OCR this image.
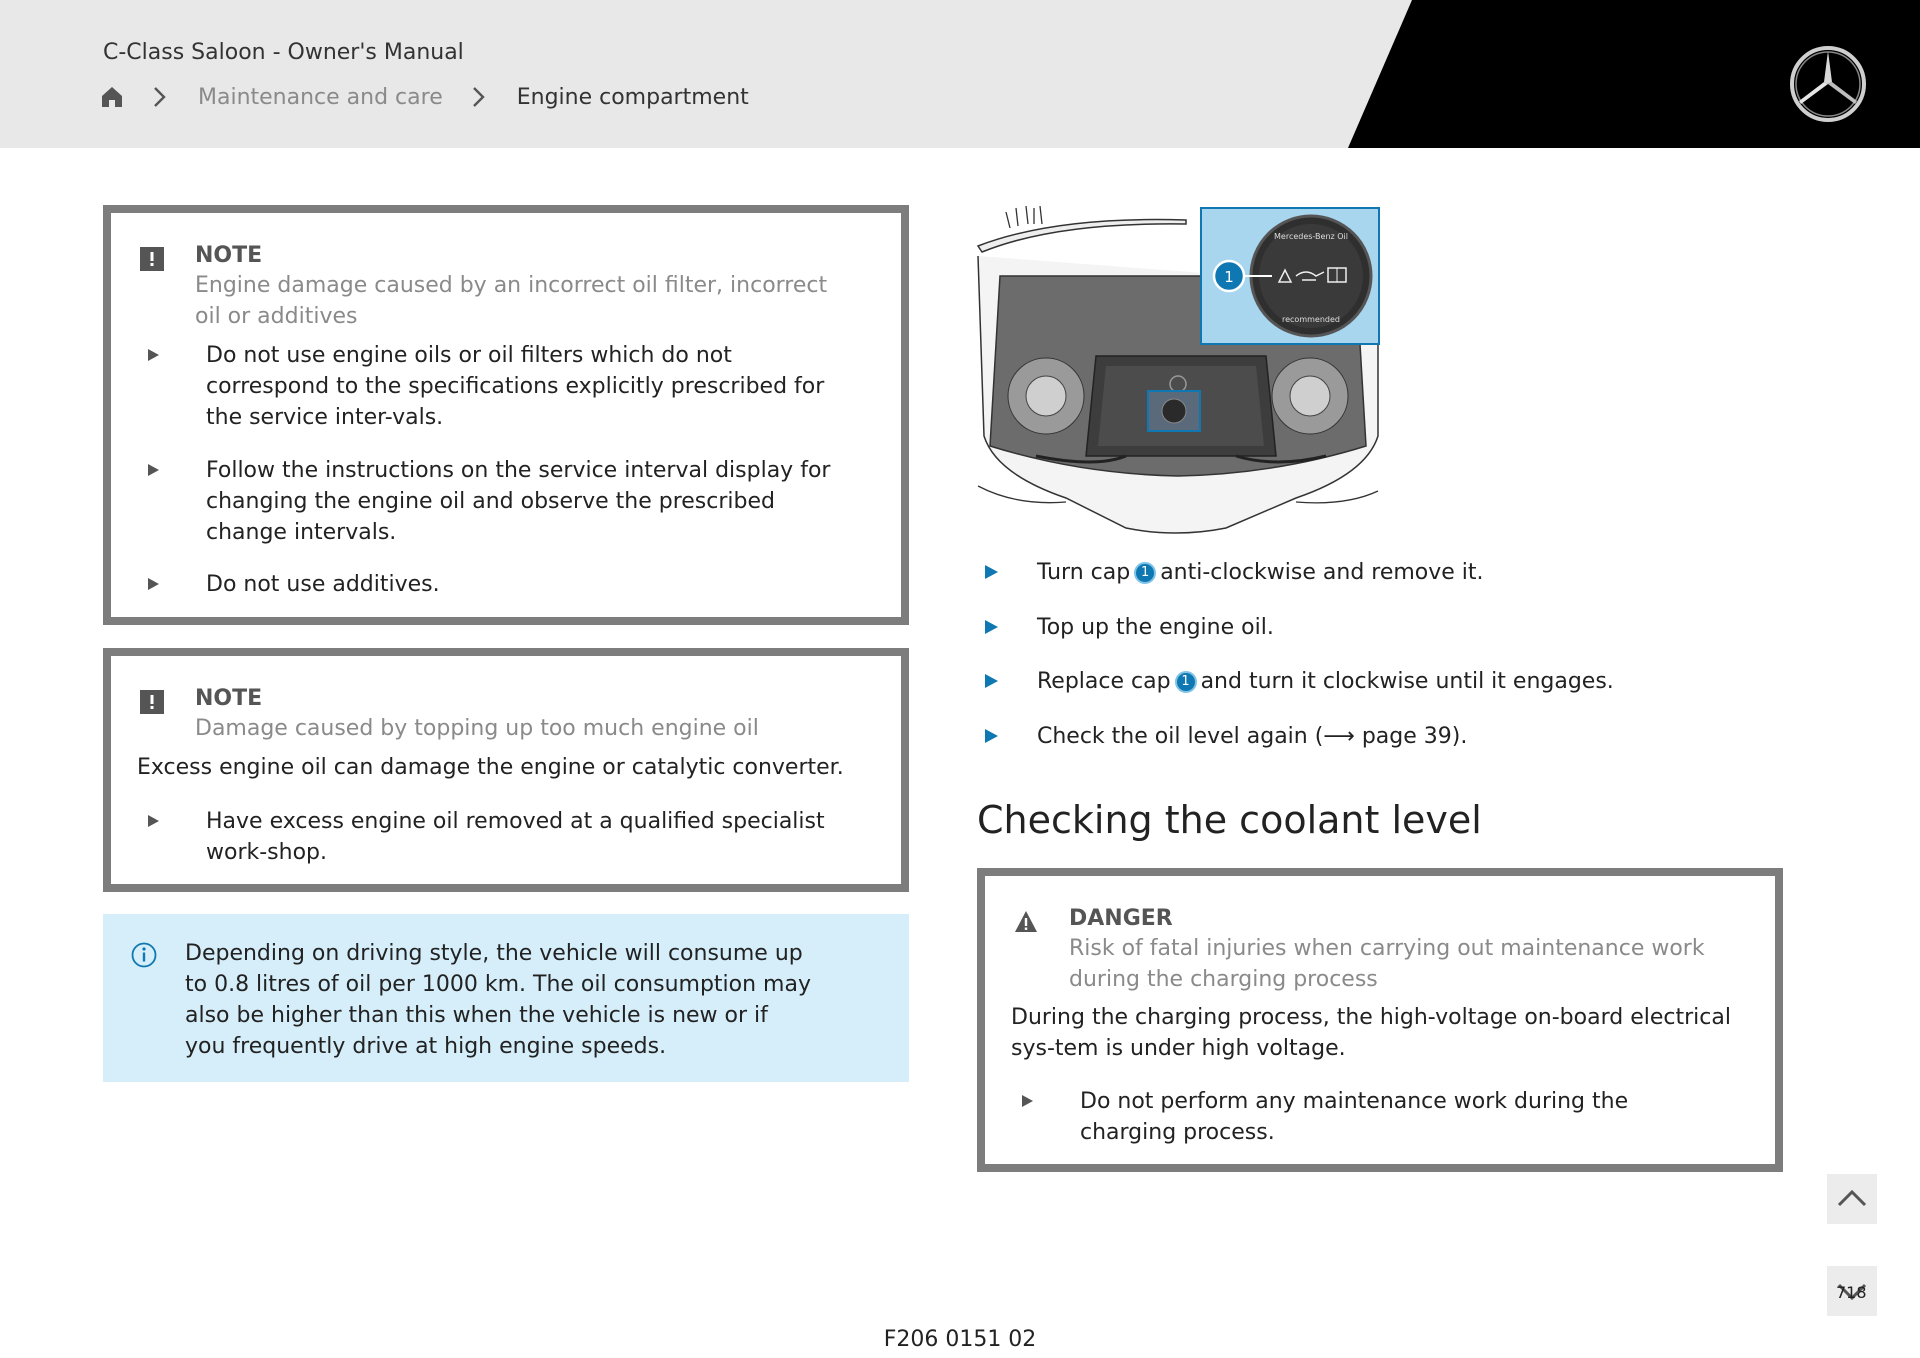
C-Class Saloon - Owner's Manual
Maintenance and care	Engine compartment
NOTE
Engine damage caused by an incorrect oil filter, incorrect oil or additives
Do not use engine oils or oil filters which do not correspond to the specifications explicitly prescribed for the service inter-vals.
Follow the instructions on the service interval display for changing the engine oil and observe the prescribed change intervals.
Do not use additives.
NOTE
Damage caused by topping up too much engine oil
Excess engine oil can damage the engine or catalytic converter.
Have excess engine oil removed at a qualified specialist work-shop.
Depending on driving style, the vehicle will consume up to 0.8 litres of oil per 1000 km. The oil consumption may also be higher than this when the vehicle is new or if you frequently drive at high engine speeds.
Mercedes-Benz Oil
recommended
1
Turn cap 1 anti-clockwise and remove it.
Top up the engine oil.
Replace cap 1 and turn it clockwise until it engages.
Check the oil level again (⟶ page 39).
Checking the coolant level
DANGER
Risk of fatal injuries when carrying out maintenance work during the charging process
During the charging process, the high-voltage on-board electrical sys-tem is under high voltage.
Do not perform any maintenance work during the charging process.
718
F206 0151 02
